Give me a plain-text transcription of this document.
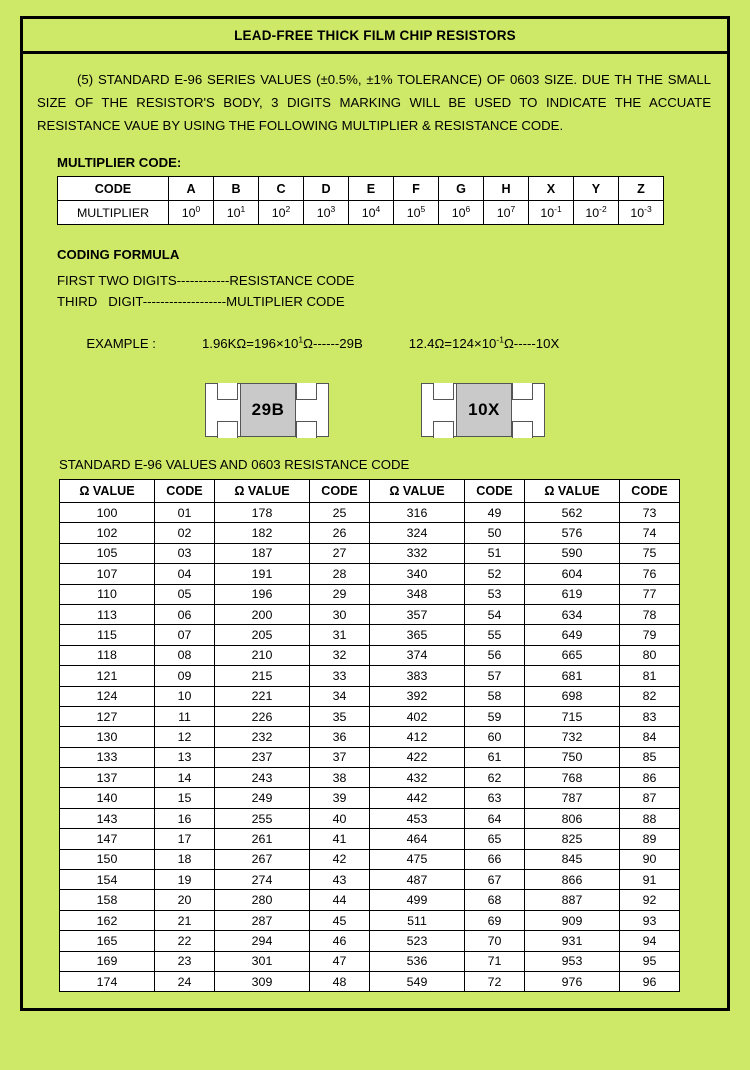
LEAD-FREE THICK FILM CHIP RESISTORS
(5) STANDARD E-96 SERIES VALUES (±0.5%, ±1% TOLERANCE) OF 0603 SIZE. DUE TH THE SMALL SIZE OF THE RESISTOR'S BODY, 3 DIGITS MARKING WILL BE USED TO INDICATE THE ACCUATE RESISTANCE VAUE BY USING THE FOLLOWING MULTIPLIER & RESISTANCE CODE.
MULTIPLIER CODE:
CODE	A	B	C	D	E	F	G	H	X	Y	Z
MULTIPLIER	$10^0$	$10^1$	$10^2$	$10^3$	$10^4$	$10^5$	$10^6$	$10^7$	$10^{-1}$	$10^{-2}$	$10^{-3}$
CODING FORMULA
FIRST TWO DIGITS------------RESISTANCE CODE
THIRD   DIGIT-------------------MULTIPLIER CODE

EXAMPLE :	$1.96K\Omega=196\times 10^1\Omega------29B$	$12.4\Omega=124\times 10^{-1}\Omega-----10X$

29B	10X
STANDARD E-96 VALUES AND 0603 RESISTANCE CODE
Ω VALUE	CODE	Ω VALUE	CODE	Ω VALUE	CODE	Ω VALUE	CODE
100	01	178	25	316	49	562	73
102	02	182	26	324	50	576	74
105	03	187	27	332	51	590	75
107	04	191	28	340	52	604	76
110	05	196	29	348	53	619	77
113	06	200	30	357	54	634	78
115	07	205	31	365	55	649	79
118	08	210	32	374	56	665	80
121	09	215	33	383	57	681	81
124	10	221	34	392	58	698	82
127	11	226	35	402	59	715	83
130	12	232	36	412	60	732	84
133	13	237	37	422	61	750	85
137	14	243	38	432	62	768	86
140	15	249	39	442	63	787	87
143	16	255	40	453	64	806	88
147	17	261	41	464	65	825	89
150	18	267	42	475	66	845	90
154	19	274	43	487	67	866	91
158	20	280	44	499	68	887	92
162	21	287	45	511	69	909	93
165	22	294	46	523	70	931	94
169	23	301	47	536	71	953	95
174	24	309	48	549	72	976	96
